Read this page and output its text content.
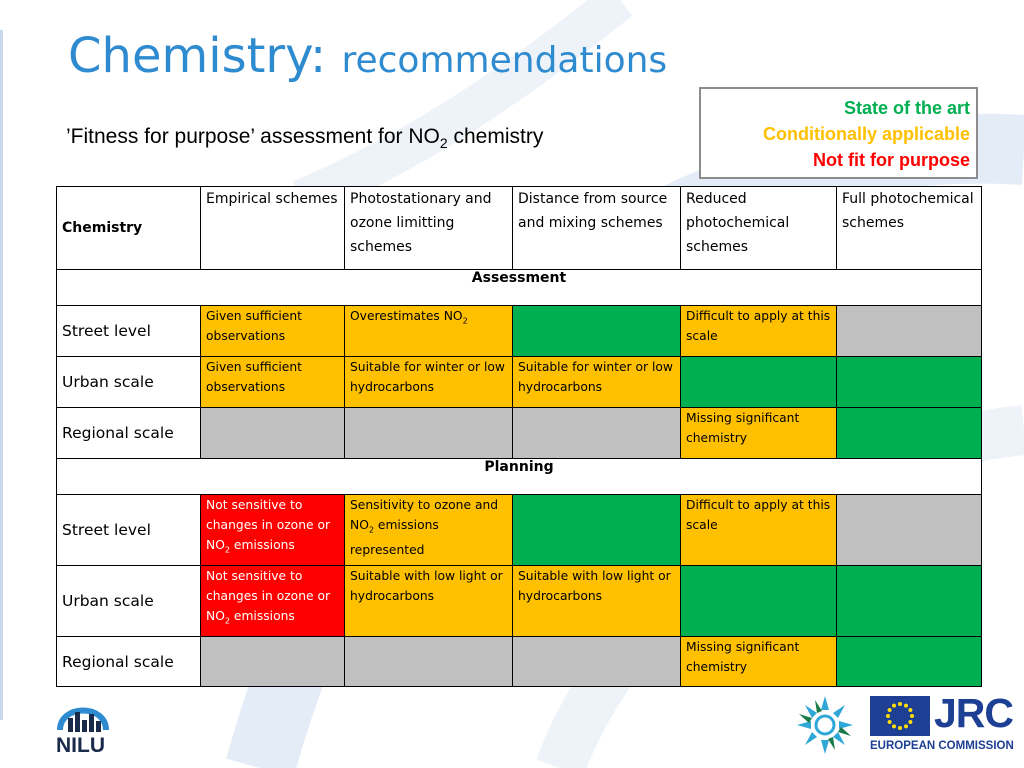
Chemistry: recommendations
’Fitness for purpose’ assessment for $NO_2$ chemistry
State of the art
Conditionally applicable
Not fit for purpose
Chemistry	Empirical schemes	Photostationary and ozone limitting schemes	Distance from source and mixing schemes	Reduced photochemical schemes	Full photochemical schemes
Assessment					
Street level	Given sufficient observations	Overestimates $NO_2$		Difficult to apply at this scale	
Urban scale	Given sufficient observations	Suitable for winter or low hydrocarbons	Suitable for winter or low hydrocarbons		
Regional scale				Missing significant chemistry	
Planning					
Street level	Not sensitive to changes in ozone or $NO_2$ emissions	Sensitivity to ozone and $NO_2$ emissions represented		Difficult to apply at this scale	
Urban scale	Not sensitive to changes in ozone or $NO_2$ emissions	Suitable with low light or hydrocarbons	Suitable with low light or hydrocarbons		
Regional scale				Missing significant chemistry	
NILU
JRC
EUROPEAN COMMISSION
